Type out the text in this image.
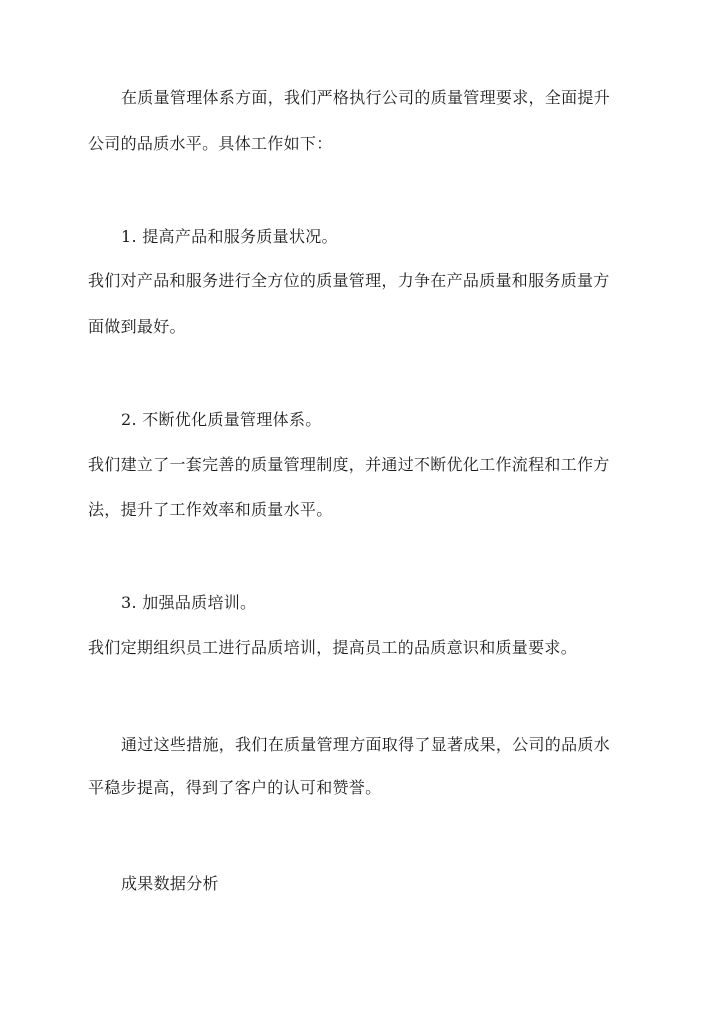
在质量管理体系方面，我们严格执行公司的质量管理要求，全面提升
公司的品质水平。具体工作如下：
1. 提高产品和服务质量状况。
我们对产品和服务进行全方位的质量管理，力争在产品质量和服务质量方
面做到最好。
2. 不断优化质量管理体系。
我们建立了一套完善的质量管理制度，并通过不断优化工作流程和工作方
法，提升了工作效率和质量水平。
3. 加强品质培训。
我们定期组织员工进行品质培训，提高员工的品质意识和质量要求。
通过这些措施，我们在质量管理方面取得了显著成果，公司的品质水
平稳步提高，得到了客户的认可和赞誉。
成果数据分析
